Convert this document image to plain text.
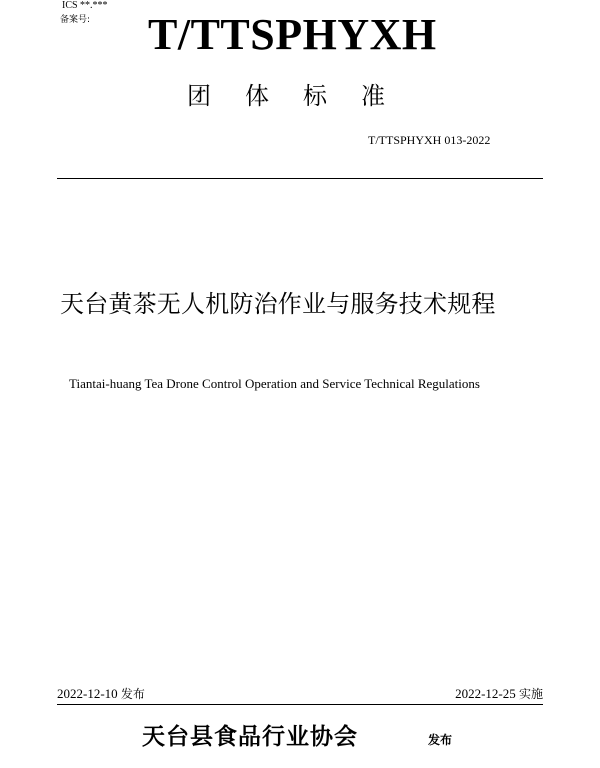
ICS **.***
备案号: T/TTSPHYXH
团体标准
T/TTSPHYXH 013-2022
天台黄茶无人机防治作业与服务技术规程
Tiantai-huang Tea Drone Control Operation and Service Technical Regulations
2022-12-10 发布	2022-12-25 实施
天台县食品行业协会	发布
